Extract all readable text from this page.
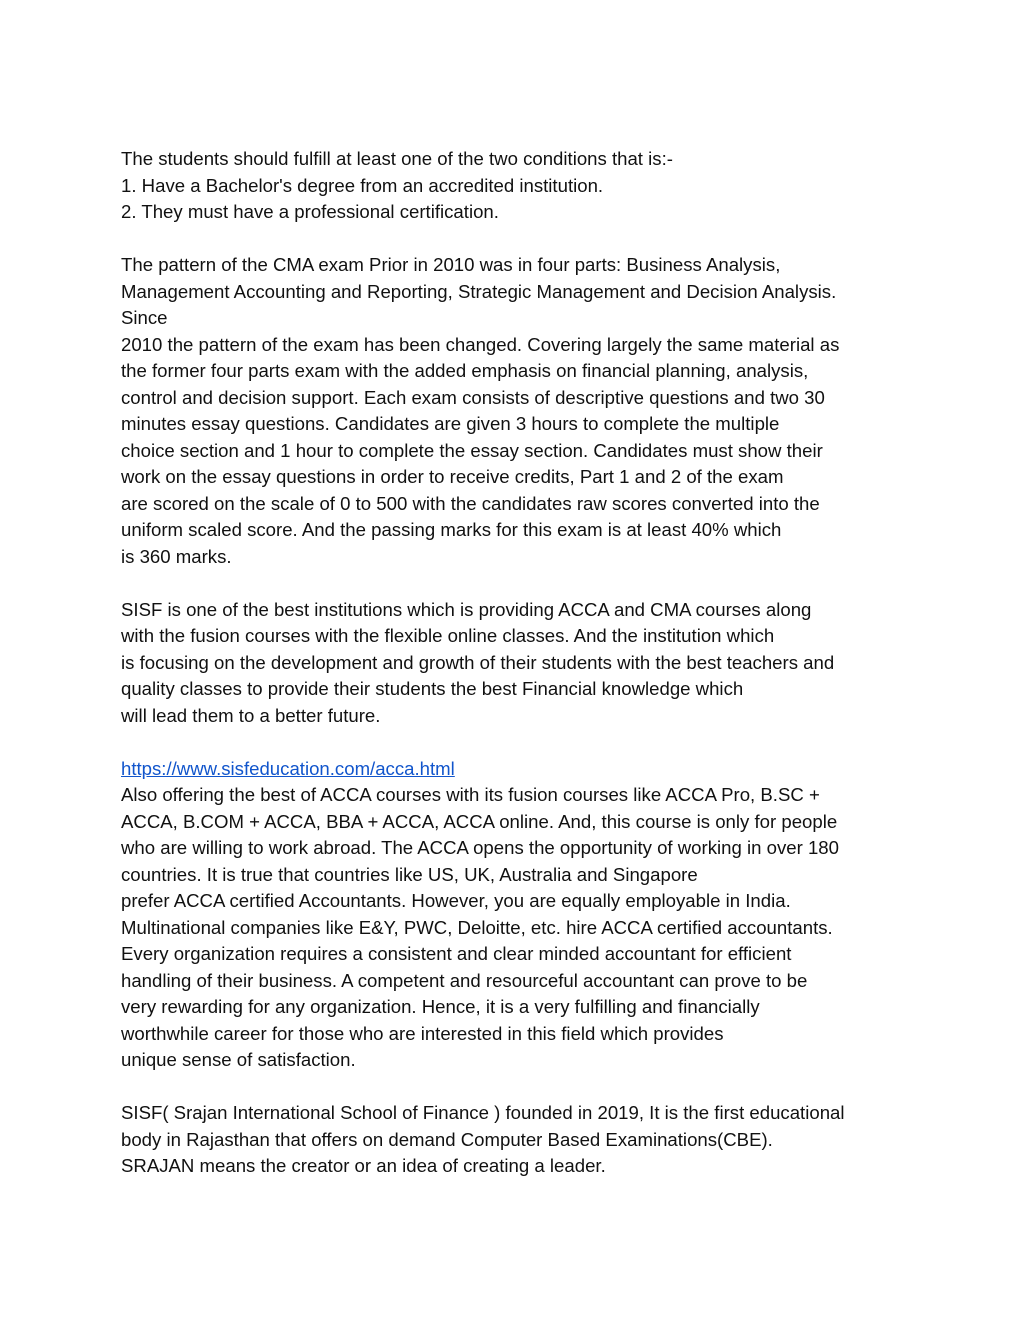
The students should fulfill at least one of the two conditions that is:-
1. Have a Bachelor's degree from an accredited institution.
2. They must have a professional certification.
The pattern of the CMA exam Prior in 2010 was in four parts: Business Analysis,
Management Accounting and Reporting, Strategic Management and Decision Analysis.
Since
2010 the pattern of the exam has been changed. Covering largely the same material as
the former four parts exam with the added emphasis on financial planning, analysis,
control and decision support. Each exam consists of descriptive questions and two 30
minutes essay questions. Candidates are given 3 hours to complete the multiple
choice section and 1 hour to complete the essay section. Candidates must show their
work on the essay questions in order to receive credits, Part 1 and 2 of the exam
are scored on the scale of 0 to 500 with the candidates raw scores converted into the
uniform scaled score. And the passing marks for this exam is at least 40% which
is 360 marks.
SISF is one of the best institutions which is providing ACCA and CMA courses along
with the fusion courses with the flexible online classes. And the institution which
is focusing on the development and growth of their students with the best teachers and
quality classes to provide their students the best Financial knowledge which
will lead them to a better future.
https://www.sisfeducation.com/acca.html
Also offering the best of ACCA courses with its fusion courses like ACCA Pro, B.SC +
ACCA, B.COM + ACCA, BBA + ACCA, ACCA online. And, this course is only for people
who are willing to work abroad. The ACCA opens the opportunity of working in over 180
countries. It is true that countries like US, UK, Australia and Singapore
prefer ACCA certified Accountants. However, you are equally employable in India.
Multinational companies like E&Y, PWC, Deloitte, etc. hire ACCA certified accountants.
Every organization requires a consistent and clear minded accountant for efficient
handling of their business. A competent and resourceful accountant can prove to be
very rewarding for any organization. Hence, it is a very fulfilling and financially
worthwhile career for those who are interested in this field which provides
unique sense of satisfaction.
SISF( Srajan International School of Finance ) founded in 2019, It is the first educational
body in Rajasthan that offers on demand Computer Based Examinations(CBE).
SRAJAN means the creator or an idea of creating a leader.
